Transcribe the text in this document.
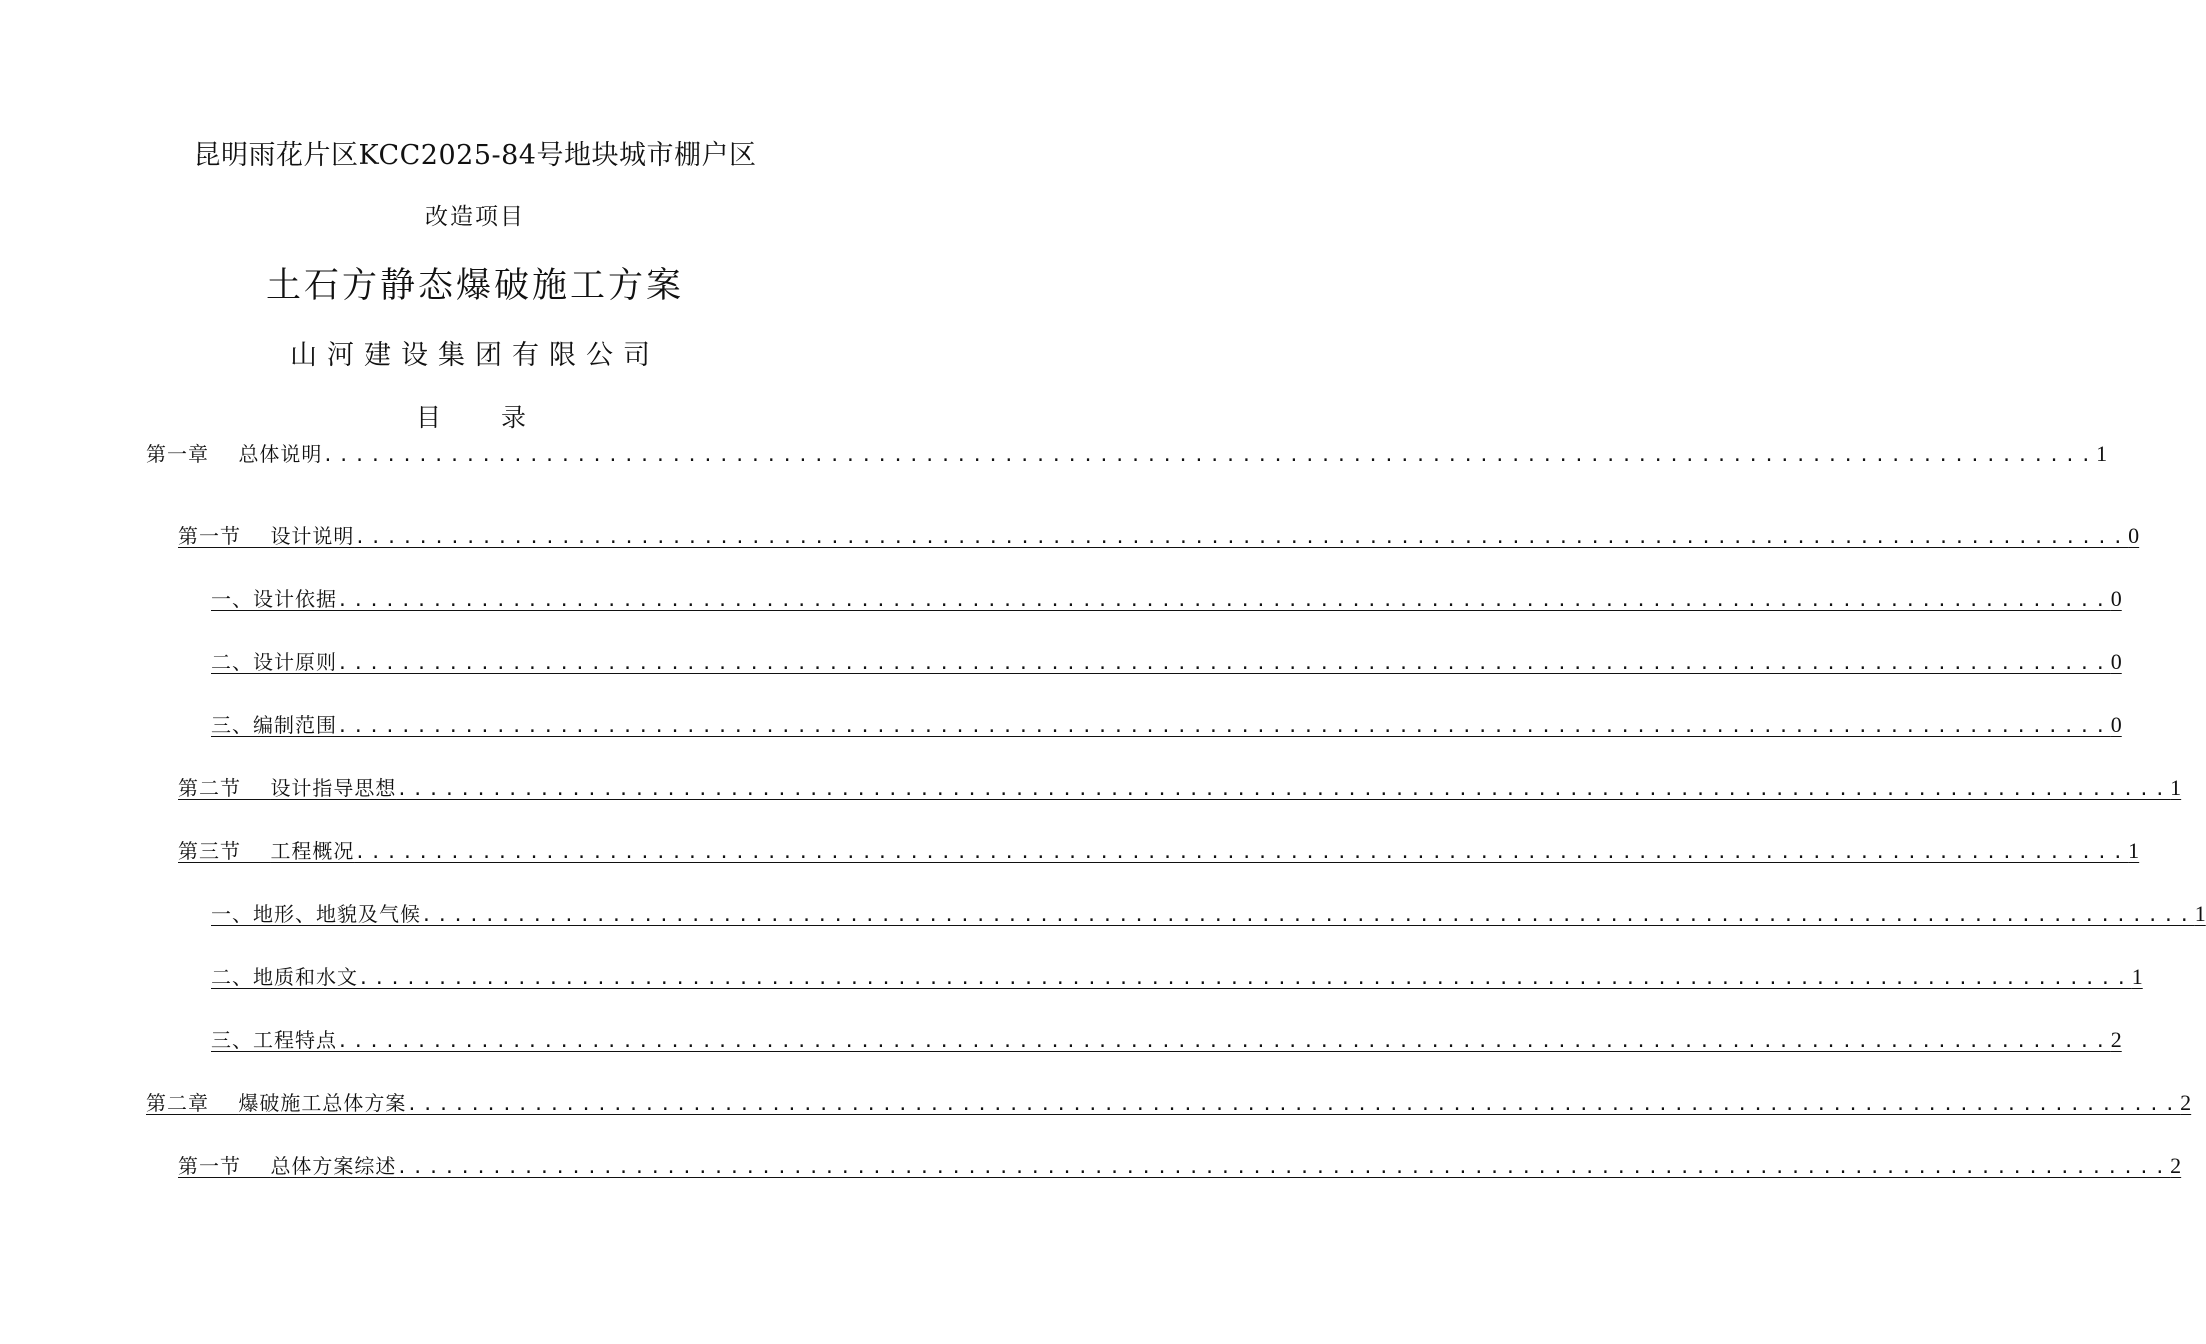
昆明雨花片区KCC2025-84号地块城市棚户区
改造项目
土石方静态爆破施工方案
山河建设集团有限公司
目 录
第一章 总体说明 ................................................................................................................ 1
第一节 设计说明 ................................................................................................................ 0
一、设计依据 ................................................................................................................ 0
二、设计原则 ................................................................................................................ 0
三、编制范围 ................................................................................................................ 0
第二节 设计指导思想 ................................................................................................................ 1
第三节 工程概况 ................................................................................................................ 1
一、地形、地貌及气候 ................................................................................................................ 1
二、地质和水文 ................................................................................................................ 1
三、工程特点 ................................................................................................................ 2
第二章 爆破施工总体方案 ................................................................................................................ 2
第一节 总体方案综述 ................................................................................................................ 2
